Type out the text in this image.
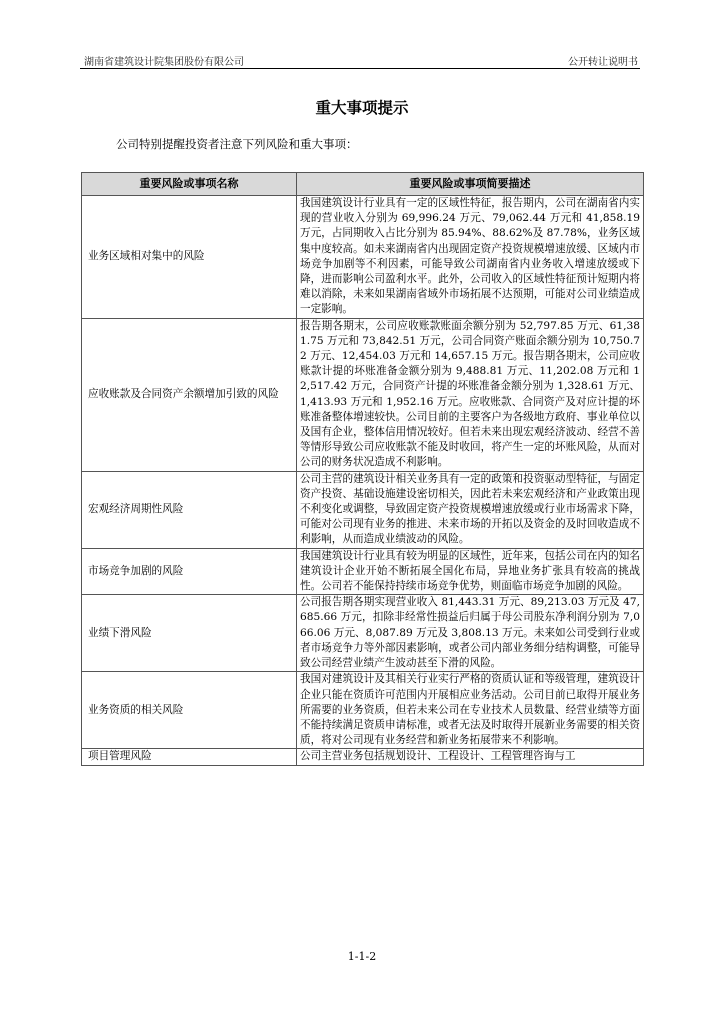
湖南省建筑设计院集团股份有限公司	公开转让说明书
重大事项提示
公司特别提醒投资者注意下列风险和重大事项：
重要风险或事项名称	重要风险或事项简要描述
业务区域相对集中的风险	我国建筑设计行业具有一定的区域性特征，报告期内，公司在湖南省内实现的营业收入分别为 69,996.24 万元、79,062.44 万元和 41,858.19 万元，占同期收入占比分别为 85.94%、88.62%及 87.78%，业务区域集中度较高。如未来湖南省内出现固定资产投资规模增速放缓、区域内市场竞争加剧等不利因素，可能导致公司湖南省内业务收入增速放缓或下降，进而影响公司盈利水平。此外，公司收入的区域性特征预计短期内将难以消除，未来如果湖南省域外市场拓展不达预期，可能对公司业绩造成一定影响。
应收账款及合同资产余额增加引致的风险	报告期各期末，公司应收账款账面余额分别为 52,797.85 万元、61,381.75 万元和 73,842.51 万元，公司合同资产账面余额分别为 10,750.72 万元、12,454.03 万元和 14,657.15 万元。报告期各期末，公司应收账款计提的坏账准备金额分别为 9,488.81 万元、11,202.08 万元和 12,517.42 万元，合同资产计提的坏账准备金额分别为 1,328.61 万元、1,413.93 万元和 1,952.16 万元。应收账款、合同资产及对应计提的坏账准备整体增速较快。公司目前的主要客户为各级地方政府、事业单位以及国有企业，整体信用情况较好。但若未来出现宏观经济波动、经营不善等情形导致公司应收账款不能及时收回，将产生一定的坏账风险，从而对公司的财务状况造成不利影响。
宏观经济周期性风险	公司主营的建筑设计相关业务具有一定的政策和投资驱动型特征，与固定资产投资、基础设施建设密切相关，因此若未来宏观经济和产业政策出现不利变化或调整，导致固定资产投资规模增速放缓或行业市场需求下降，可能对公司现有业务的推进、未来市场的开拓以及资金的及时回收造成不利影响，从而造成业绩波动的风险。
市场竞争加剧的风险	我国建筑设计行业具有较为明显的区域性，近年来，包括公司在内的知名建筑设计企业开始不断拓展全国化布局，异地业务扩张具有较高的挑战性。公司若不能保持持续市场竞争优势，则面临市场竞争加剧的风险。
业绩下滑风险	公司报告期各期实现营业收入 81,443.31 万元、89,213.03 万元及 47,685.66 万元，扣除非经常性损益后归属于母公司股东净利润分别为 7,066.06 万元、8,087.89 万元及 3,808.13 万元。未来如公司受到行业或者市场竞争力等外部因素影响，或者公司内部业务细分结构调整，可能导致公司经营业绩产生波动甚至下滑的风险。
业务资质的相关风险	我国对建筑设计及其相关行业实行严格的资质认证和等级管理，建筑设计企业只能在资质许可范围内开展相应业务活动。公司目前已取得开展业务所需要的业务资质，但若未来公司在专业技术人员数量、经营业绩等方面不能持续满足资质申请标准，或者无法及时取得开展新业务需要的相关资质，将对公司现有业务经营和新业务拓展带来不利影响。
项目管理风险	公司主营业务包括规划设计、工程设计、工程管理咨询与工
1-1-2
